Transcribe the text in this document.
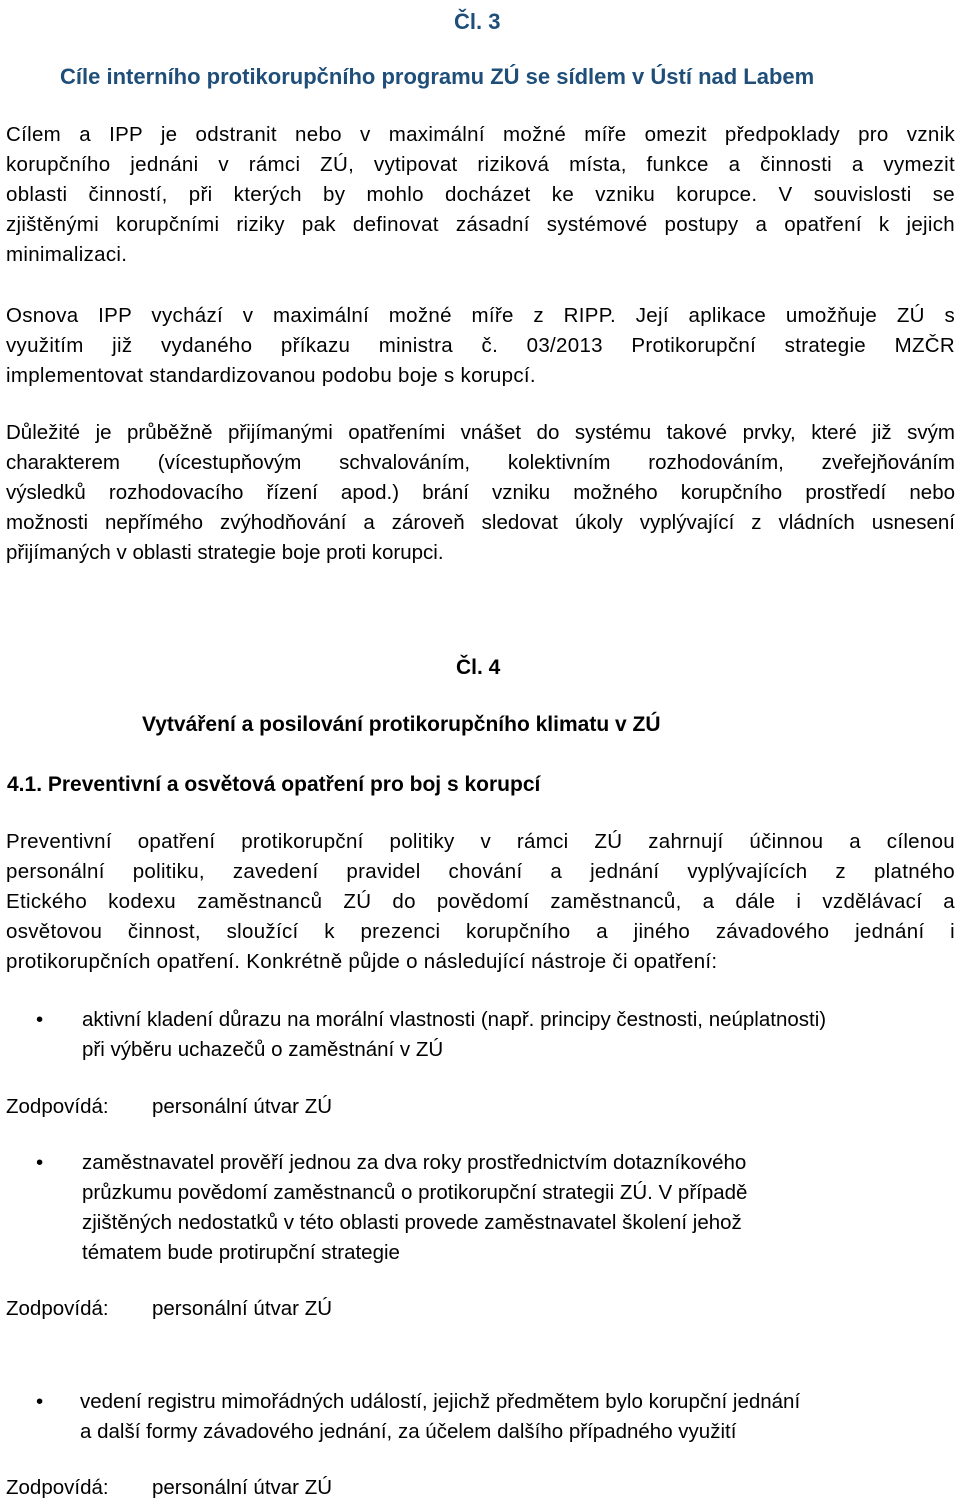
Čl. 3
Cíle interního protikorupčního programu ZÚ se sídlem v Ústí nad Labem

Cílem a IPP je odstranit nebo v maximální možné míře omezit předpoklady pro vznik
korupčního jednáni v rámci ZÚ, vytipovat riziková místa, funkce a činnosti a vymezit
oblasti činností, při kterých by mohlo docházet ke vzniku korupce. V souvislosti se
zjištěnými korupčními riziky pak definovat zásadní systémové postupy a opatření k jejich
minimalizaci.

Osnova IPP vychází v maximální možné míře z RIPP. Její aplikace umožňuje ZÚ s
využitím již vydaného příkazu ministra č. 03/2013 Protikorupční strategie MZČR
implementovat standardizovanou podobu boje s korupcí.

Důležité je průběžně přijímanými opatřeními vnášet do systému takové prvky, které již svým
charakterem (vícestupňovým schvalováním, kolektivním rozhodováním, zveřejňováním
výsledků rozhodovacího řízení apod.) brání vzniku možného korupčního prostředí nebo
možnosti nepřímého zvýhodňování a zároveň sledovat úkoly vyplývající z vládních usnesení
přijímaných v oblasti strategie boje proti korupci.

Čl. 4
Vytváření a posilování protikorupčního klimatu v ZÚ
4.1. Preventivní a osvětová opatření pro boj s korupcí

Preventivní opatření protikorupční politiky v rámci ZÚ zahrnují účinnou a cílenou
personální politiku, zavedení pravidel chování a jednání vyplývajících z platného
Etického kodexu zaměstnanců ZÚ do povědomí zaměstnanců, a dále i vzdělávací a
osvětovou činnost, sloužící k prezenci korupčního a jiného závadového jednání i
protikorupčních opatření. Konkrétně půjde o následující nástroje či opatření:

• aktivní kladení důrazu na morální vlastnosti (např. principy čestnosti, neúplatnosti)
při výběru uchazečů o zaměstnání v ZÚ

Zodpovídá: personální útvar ZÚ
• zaměstnavatel prověří jednou za dva roky prostřednictvím dotazníkového
průzkumu povědomí zaměstnanců o protikorupční strategii ZÚ. V případě
zjištěných nedostatků v této oblasti provede zaměstnavatel školení jehož
tématem bude protirupční strategie

Zodpovídá: personální útvar ZÚ
• vedení registru mimořádných událostí, jejichž předmětem bylo korupční jednání
a další formy závadového jednání, za účelem dalšího případného využití

Zodpovídá: personální útvar ZÚ
